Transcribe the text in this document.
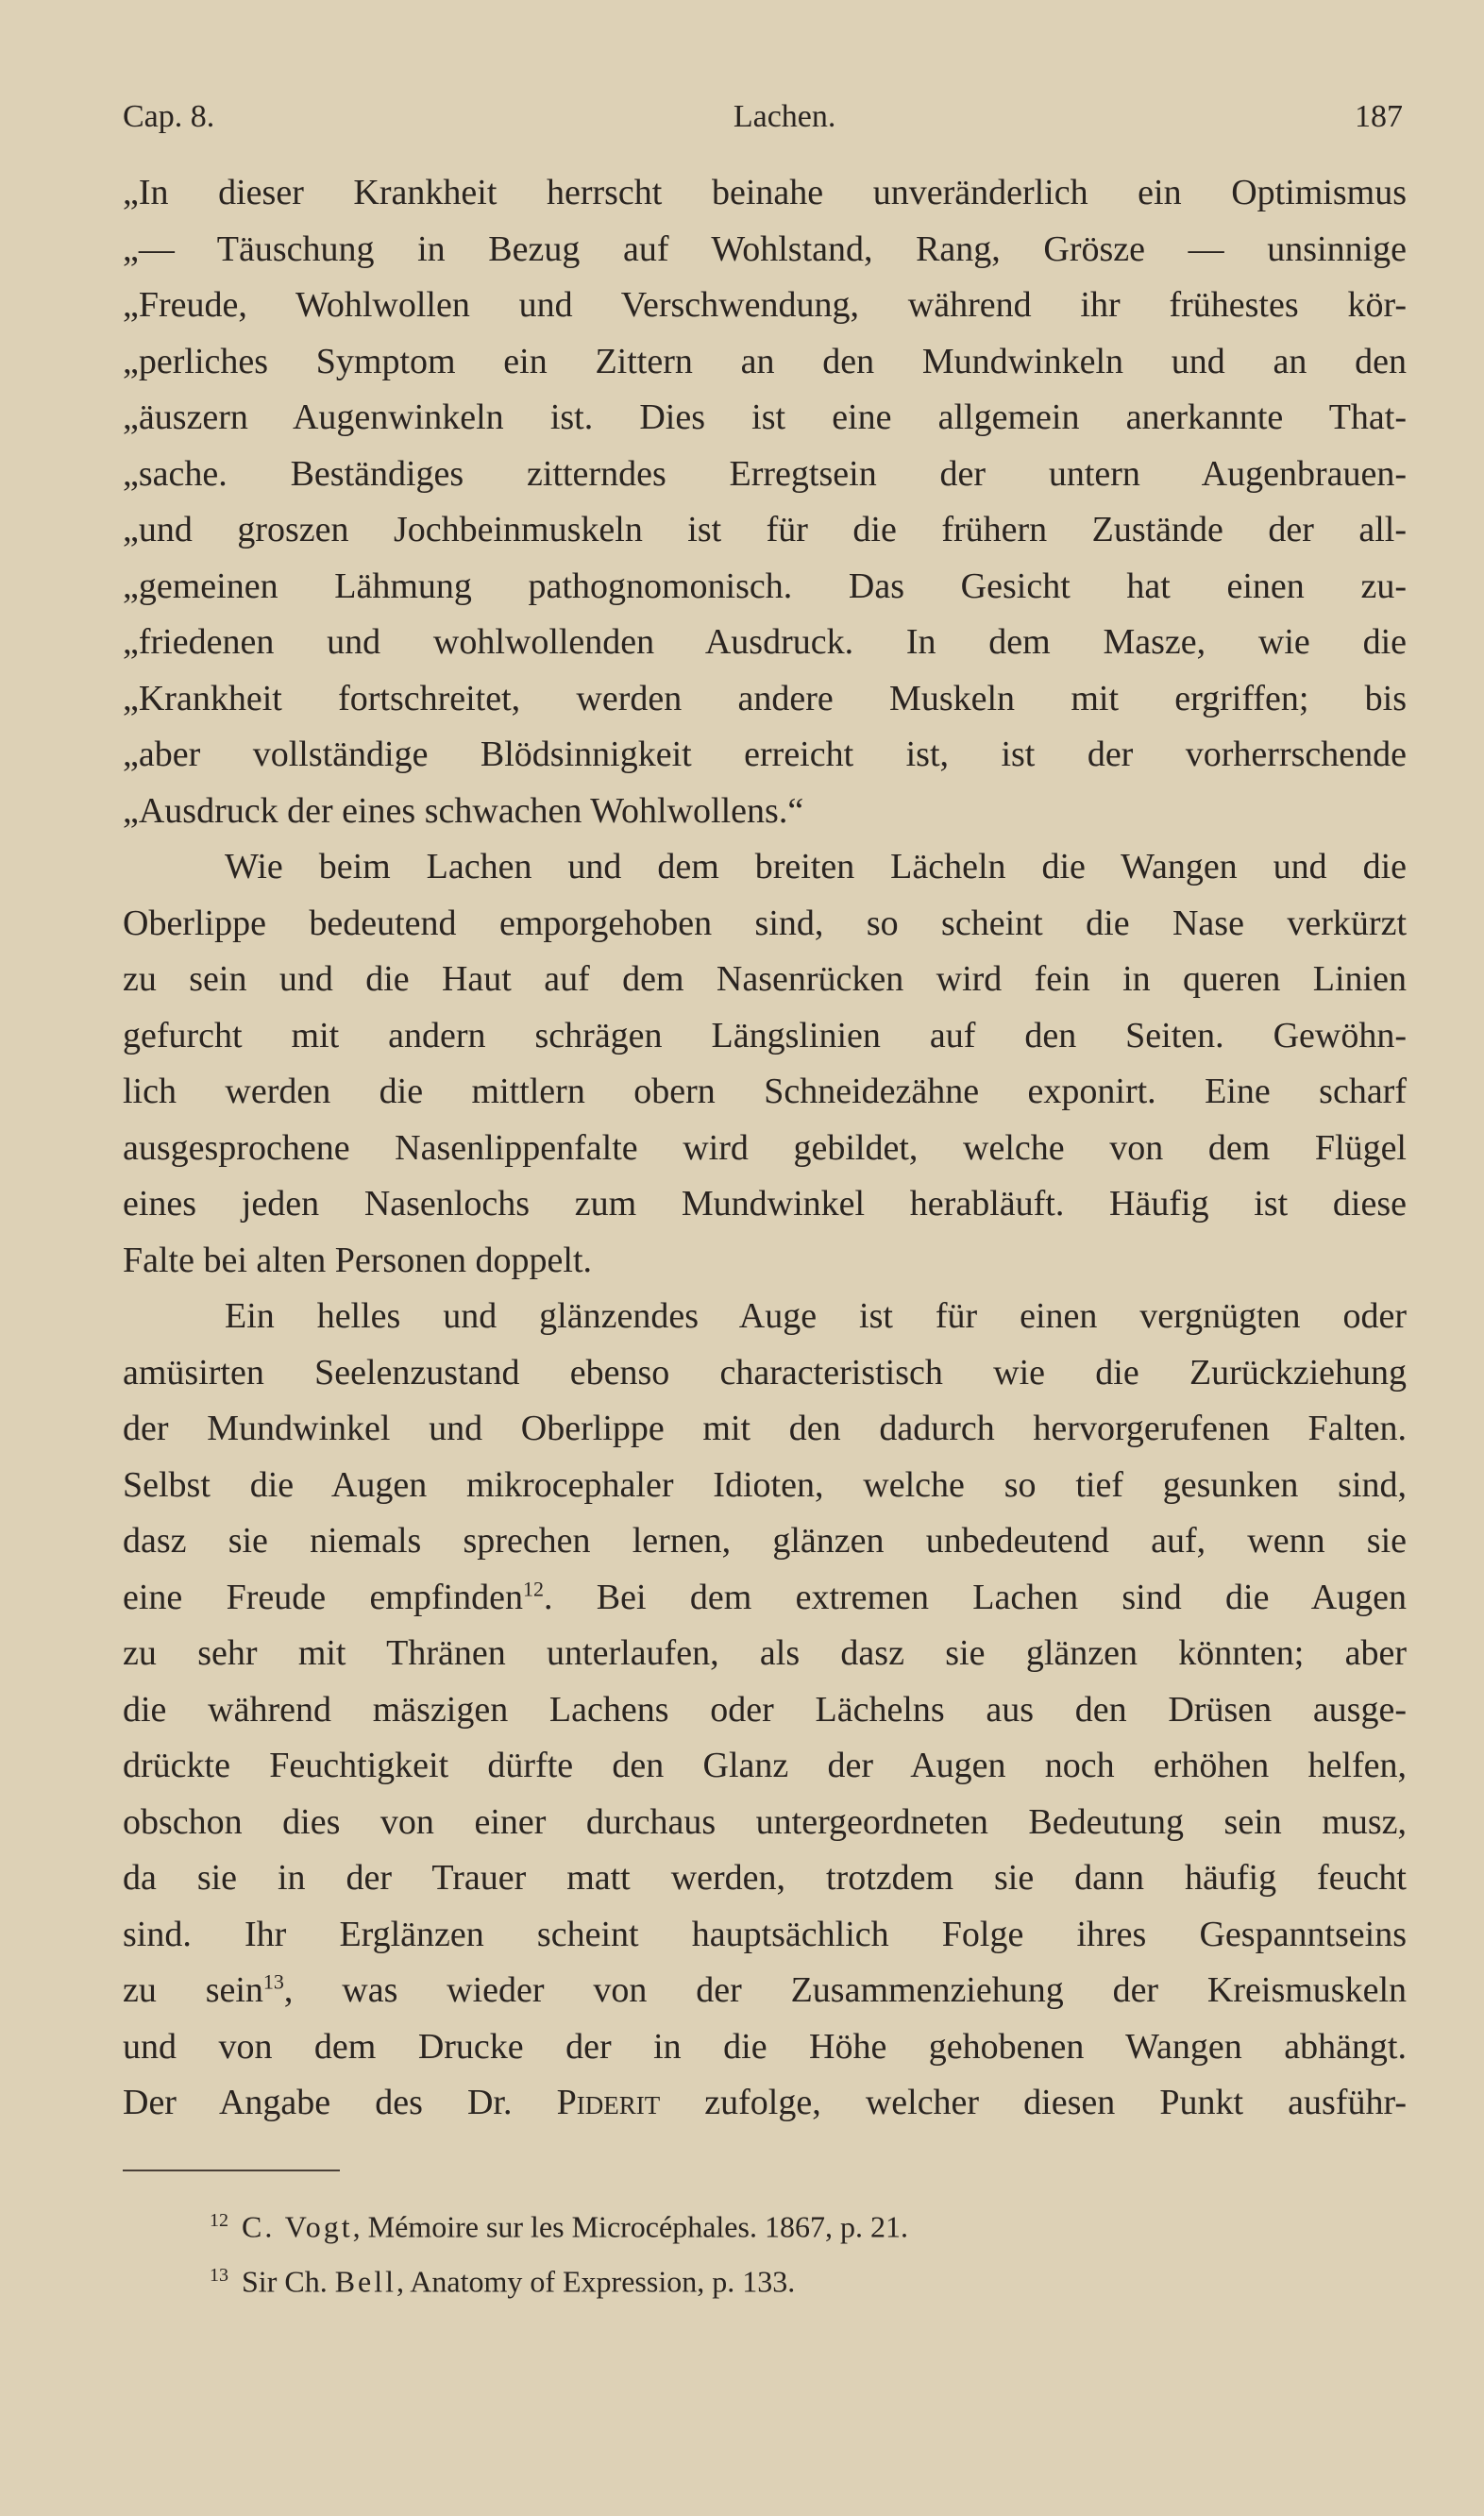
Cap. 8.	Lachen.	187
„In dieser Krankheit herrscht beinahe unveränderlich ein Optimismus
„— Täuschung in Bezug auf Wohlstand, Rang, Grösze — unsinnige
„Freude, Wohlwollen und Verschwendung, während ihr frühestes kör-
„perliches Symptom ein Zittern an den Mundwinkeln und an den
„äuszern Augenwinkeln ist. Dies ist eine allgemein anerkannte That-
„sache. Beständiges zitterndes Erregtsein der untern Augenbrauen-
„und groszen Jochbeinmuskeln ist für die frühern Zustände der all-
„gemeinen Lähmung pathognomonisch. Das Gesicht hat einen zu-
„friedenen und wohlwollenden Ausdruck. In dem Masze, wie die
„Krankheit fortschreitet, werden andere Muskeln mit ergriffen; bis
„aber vollständige Blödsinnigkeit erreicht ist, ist der vorherrschende
„Ausdruck der eines schwachen Wohlwollens.“
Wie beim Lachen und dem breiten Lächeln die Wangen und die
Oberlippe bedeutend emporgehoben sind, so scheint die Nase verkürzt
zu sein und die Haut auf dem Nasenrücken wird fein in queren Linien
gefurcht mit andern schrägen Längslinien auf den Seiten. Gewöhn-
lich werden die mittlern obern Schneidezähne exponirt. Eine scharf
ausgesprochene Nasenlippenfalte wird gebildet, welche von dem Flügel
eines jeden Nasenlochs zum Mundwinkel herabläuft. Häufig ist diese
Falte bei alten Personen doppelt.
Ein helles und glänzendes Auge ist für einen vergnügten oder
amüsirten Seelenzustand ebenso characteristisch wie die Zurückziehung
der Mundwinkel und Oberlippe mit den dadurch hervorgerufenen Falten.
Selbst die Augen mikrocephaler Idioten, welche so tief gesunken sind,
dasz sie niemals sprechen lernen, glänzen unbedeutend auf, wenn sie
eine Freude empfinden$^{12}$. Bei dem extremen Lachen sind die Augen
zu sehr mit Thränen unterlaufen, als dasz sie glänzen könnten; aber
die während mäszigen Lachens oder Lächelns aus den Drüsen ausge-
drückte Feuchtigkeit dürfte den Glanz der Augen noch erhöhen helfen,
obschon dies von einer durchaus untergeordneten Bedeutung sein musz,
da sie in der Trauer matt werden, trotzdem sie dann häufig feucht
sind. Ihr Erglänzen scheint hauptsächlich Folge ihres Gespanntseins
zu sein$^{13}$, was wieder von der Zusammenziehung der Kreismuskeln
und von dem Drucke der in die Höhe gehobenen Wangen abhängt.
Der Angabe des Dr. Piderit zufolge, welcher diesen Punkt ausführ-
$^{12}$ C. Vogt, Mémoire sur les Microcéphales. 1867, p. 21.
$^{13}$ Sir Ch. Bell, Anatomy of Expression, p. 133.
